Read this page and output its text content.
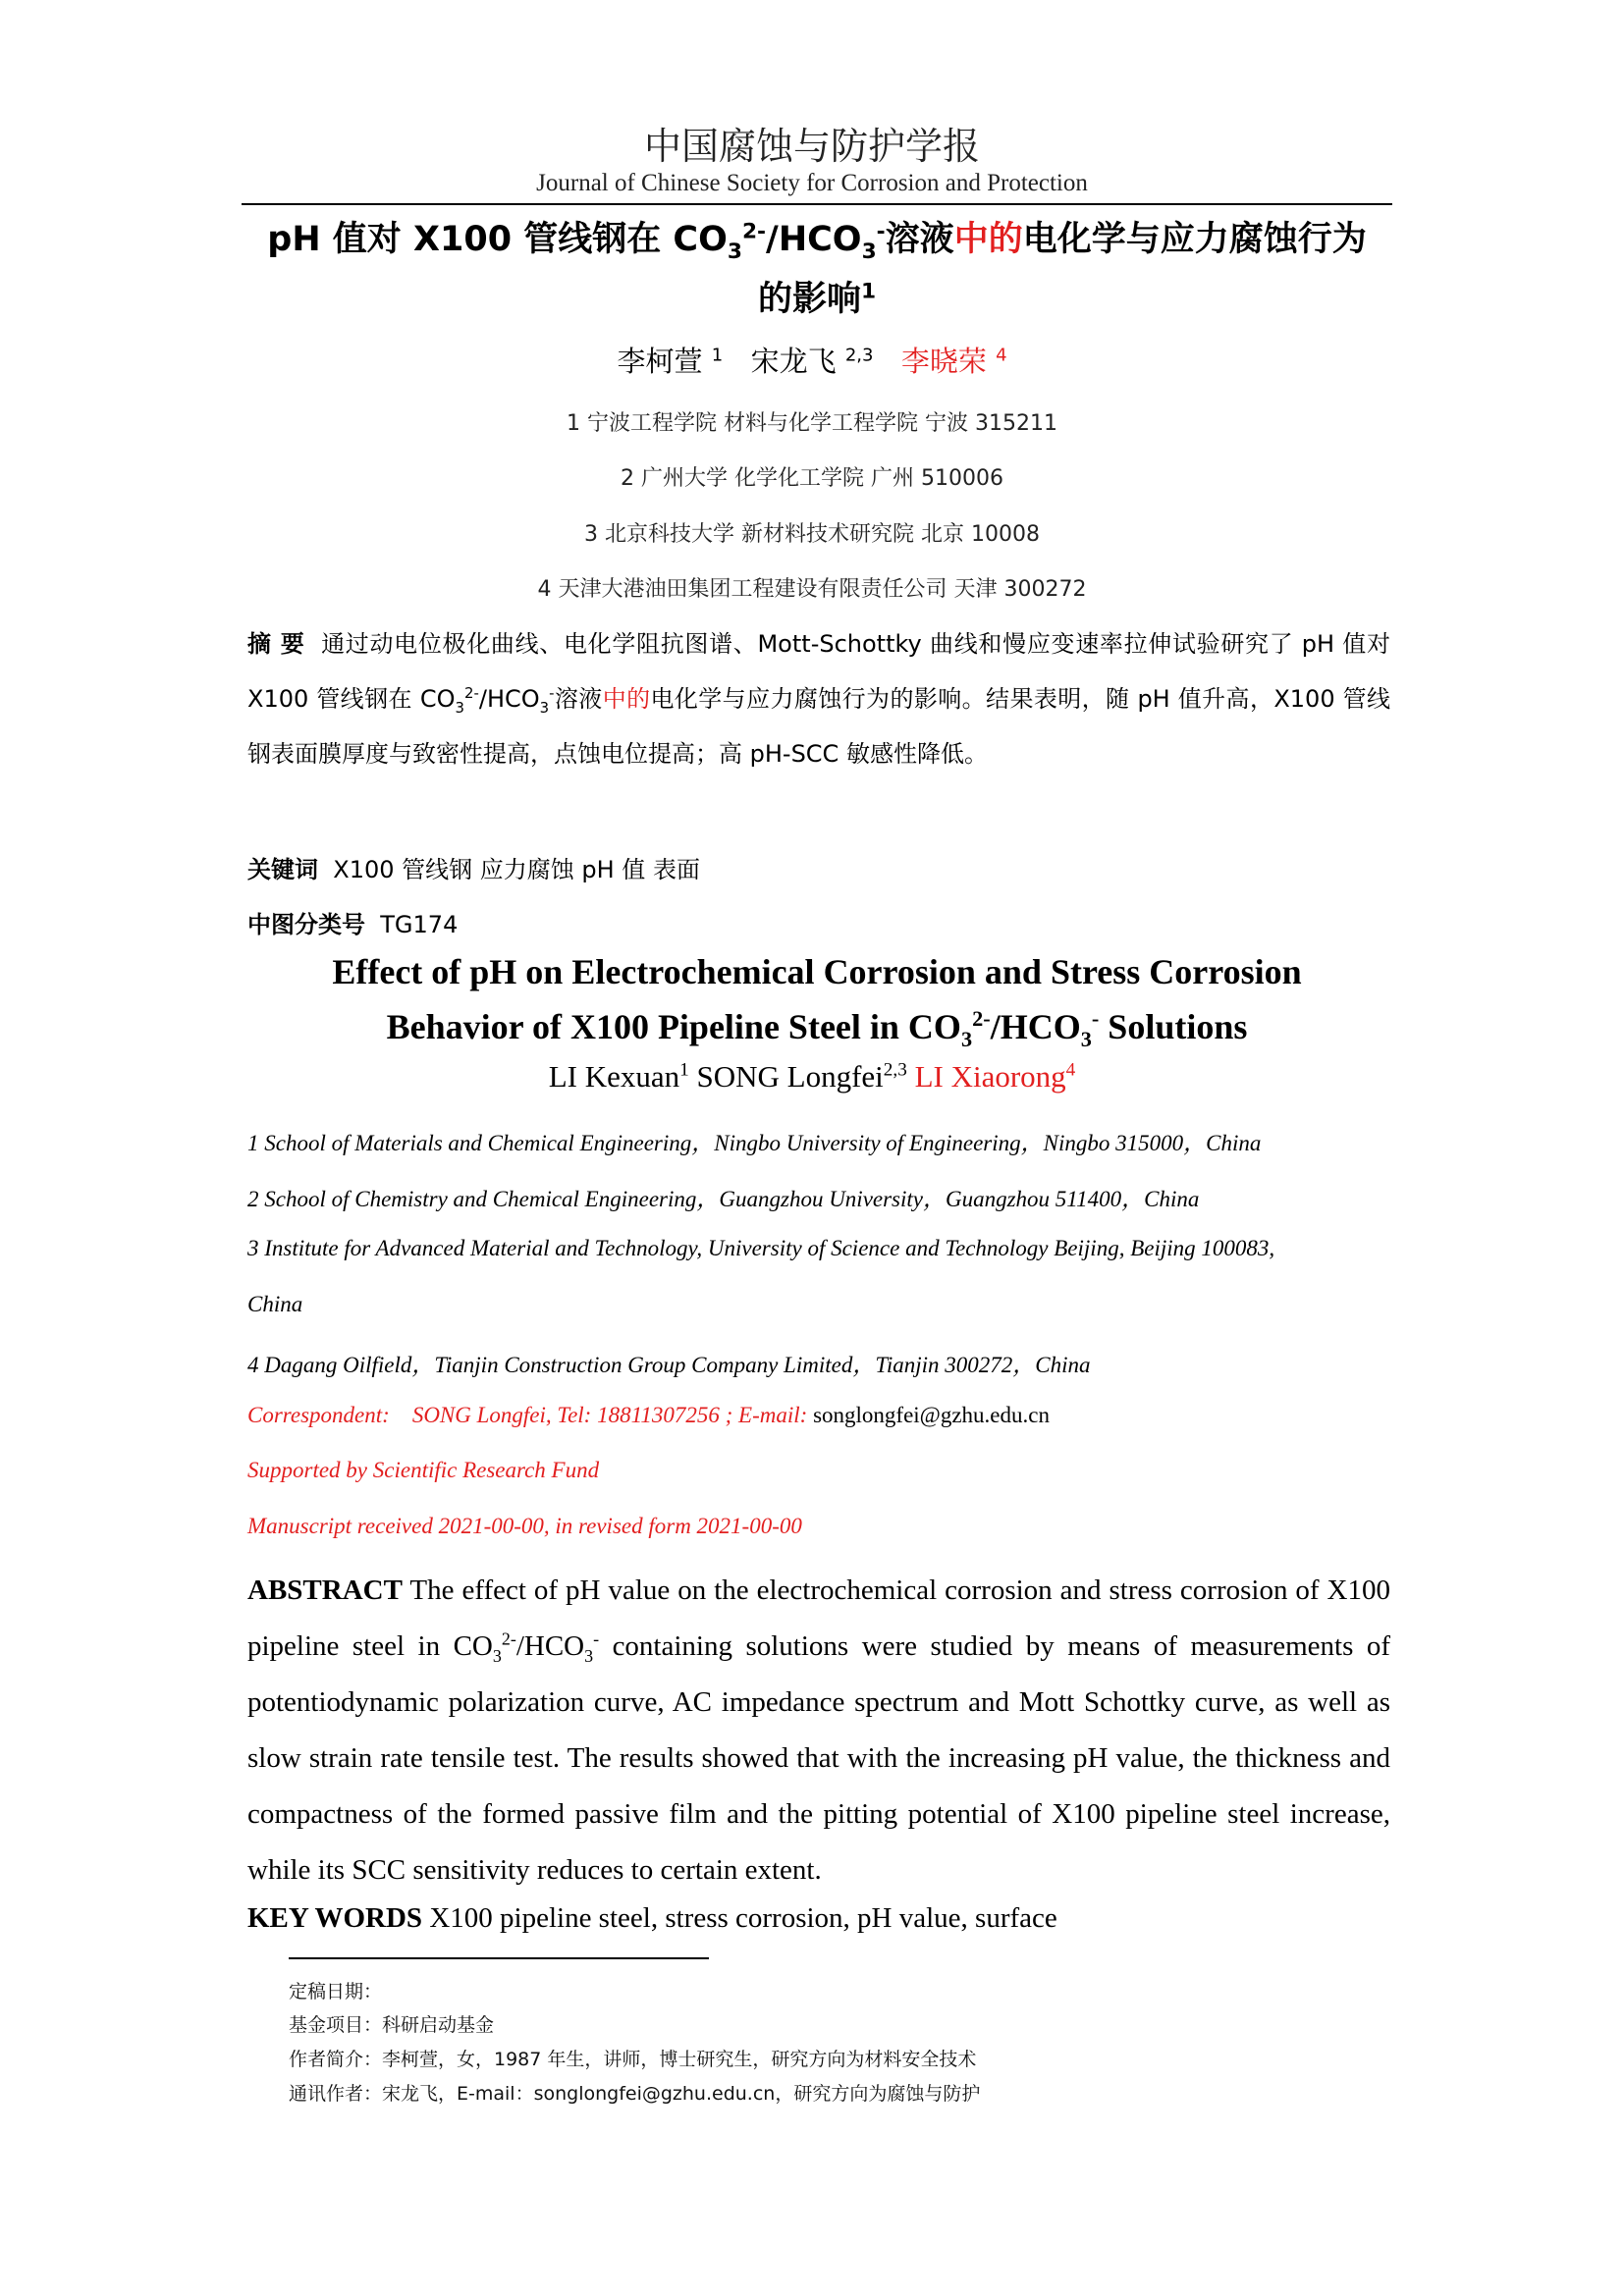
中国腐蚀与防护学报
Journal of Chinese Society for Corrosion and Protection
pH 值对 X100 管线钢在 $CO_3^{2-}/HCO_3^-$溶液中的电化学与应力腐蚀行为
的影响$^1$
李柯萱 $^1$ 宋龙飞 $^{2,3}$ 李晓荣 $^4$
1 宁波工程学院 材料与化学工程学院 宁波 315211
2 广州大学 化学化工学院 广州 510006
3 北京科技大学 新材料技术研究院 北京 10008
4 天津大港油田集团工程建设有限责任公司 天津 300272
摘 要 通过动电位极化曲线、电化学阻抗图谱、Mott-Schottky 曲线和慢应变速率拉伸试验研究了 pH 值对 X100 管线钢在 $CO_3^{2-}/HCO_3^-$溶液中的电化学与应力腐蚀行为的影响。结果表明，随 pH 值升高，X100 管线钢表面膜厚度与致密性提高，点蚀电位提高；高 pH-SCC 敏感性降低。
关键词 X100 管线钢 应力腐蚀 pH 值 表面
中图分类号 TG174
Effect of pH on Electrochemical Corrosion and Stress Corrosion
Behavior of X100 Pipeline Steel in $CO_3^{2-}/HCO_3^-$ Solutions
LI Kexuan$^1$ SONG Longfei$^{2,3}$ LI Xiaorong$^4$
1 School of Materials and Chemical Engineering，Ningbo University of Engineering，Ningbo 315000，China
2 School of Chemistry and Chemical Engineering，Guangzhou University，Guangzhou 511400，China
3 Institute for Advanced Material and Technology, University of Science and Technology Beijing, Beijing 100083,
China
4 Dagang Oilfield，Tianjin Construction Group Company Limited，Tianjin 300272，China
Correspondent: SONG Longfei, Tel: 18811307256 ; E-mail: songlongfei@gzhu.edu.cn
Supported by Scientific Research Fund
Manuscript received 2021-00-00, in revised form 2021-00-00
ABSTRACT The effect of pH value on the electrochemical corrosion and stress corrosion of X100 pipeline steel in $CO_3^{2-}/HCO_3^-$ containing solutions were studied by means of measurements of potentiodynamic polarization curve, AC impedance spectrum and Mott Schottky curve, as well as slow strain rate tensile test. The results showed that with the increasing pH value, the thickness and compactness of the formed passive film and the pitting potential of X100 pipeline steel increase, while its SCC sensitivity reduces to certain extent.
KEY WORDS X100 pipeline steel, stress corrosion, pH value, surface
定稿日期：
基金项目：科研启动基金
作者简介：李柯萱，女，1987 年生，讲师，博士研究生，研究方向为材料安全技术
通讯作者：宋龙飞，E-mail：songlongfei@gzhu.edu.cn，研究方向为腐蚀与防护
